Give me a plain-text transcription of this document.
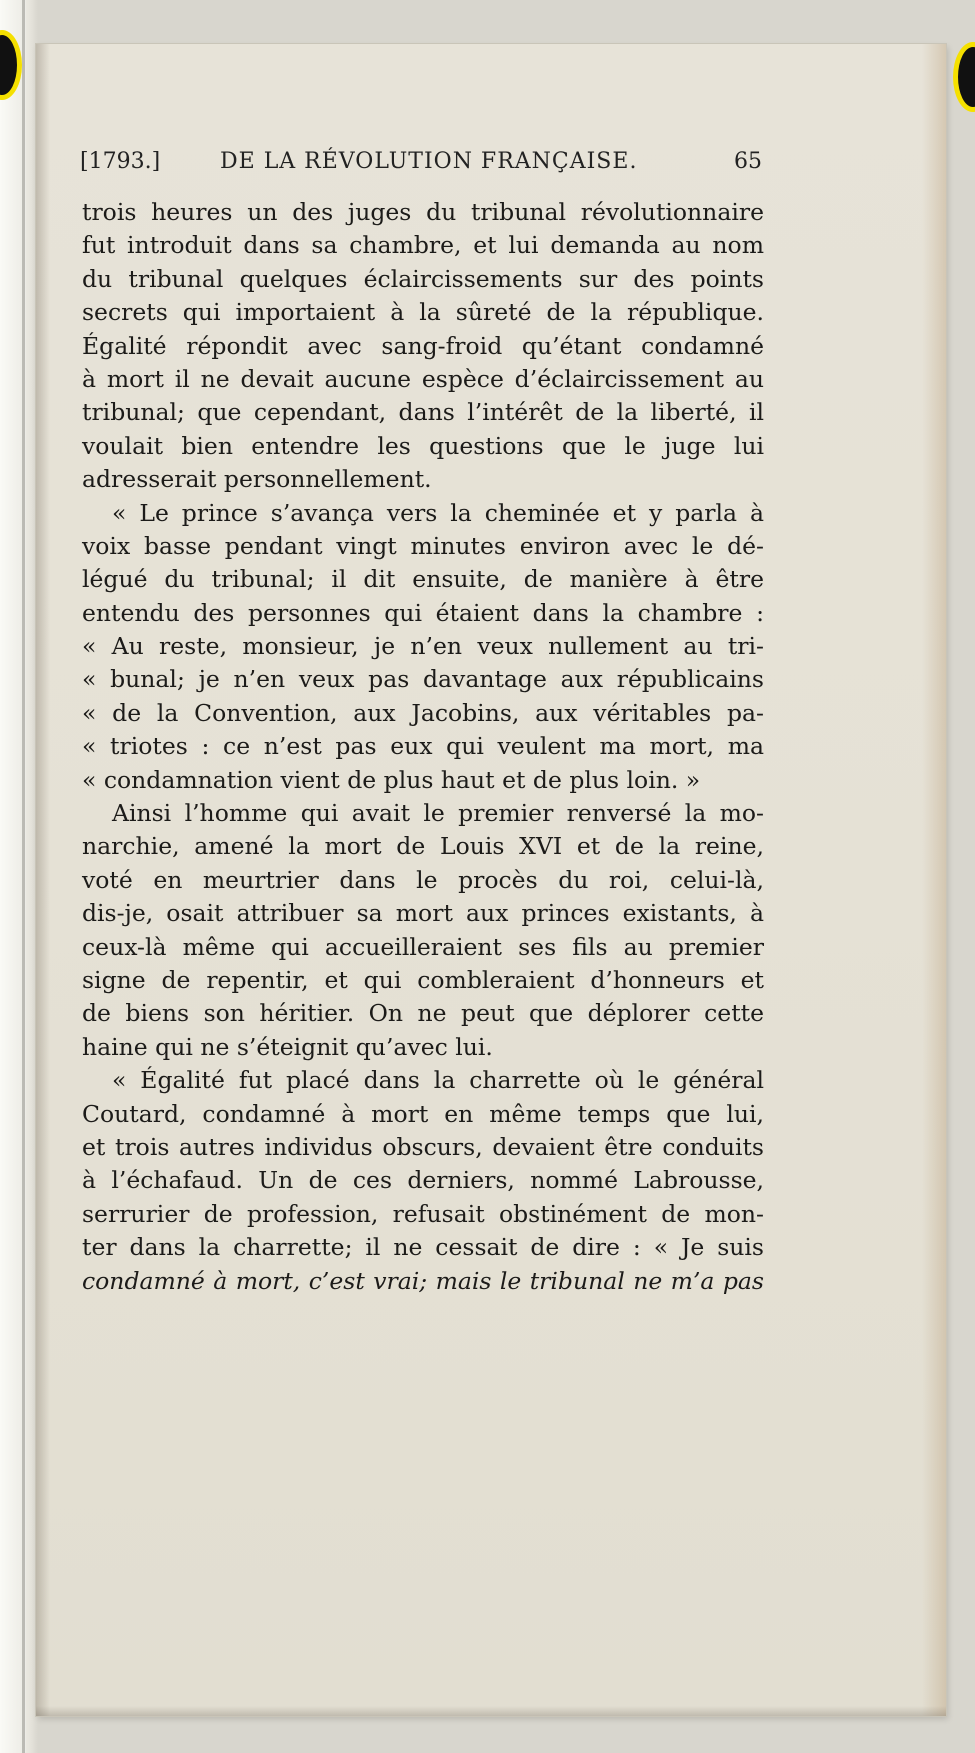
[1793.]	DE LA RÉVOLUTION FRANÇAISE.	65
trois heures un des juges du tribunal révolutionnaire
fut introduit dans sa chambre, et lui demanda au nom
du tribunal quelques éclaircissements sur des points
secrets qui importaient à la sûreté de la république.
Égalité répondit avec sang-froid qu’étant condamné
à mort il ne devait aucune espèce d’éclaircissement au
tribunal; que cependant, dans l’intérêt de la liberté, il
voulait bien entendre les questions que le juge lui
adresserait personnellement.
« Le prince s’avança vers la cheminée et y parla à
voix basse pendant vingt minutes environ avec le dé-
légué du tribunal; il dit ensuite, de manière à être
entendu des personnes qui étaient dans la chambre :
« Au reste, monsieur, je n’en veux nullement au tri-
« bunal; je n’en veux pas davantage aux républicains
« de la Convention, aux Jacobins, aux véritables pa-
« triotes : ce n’est pas eux qui veulent ma mort, ma
« condamnation vient de plus haut et de plus loin. »
Ainsi l’homme qui avait le premier renversé la mo-
narchie, amené la mort de Louis XVI et de la reine,
voté en meurtrier dans le procès du roi, celui-là,
dis-je, osait attribuer sa mort aux princes existants, à
ceux-là même qui accueilleraient ses fils au premier
signe de repentir, et qui combleraient d’honneurs et
de biens son héritier. On ne peut que déplorer cette
haine qui ne s’éteignit qu’avec lui.
« Égalité fut placé dans la charrette où le général
Coutard, condamné à mort en même temps que lui,
et trois autres individus obscurs, devaient être conduits
à l’échafaud. Un de ces derniers, nommé Labrousse,
serrurier de profession, refusait obstinément de mon-
ter dans la charrette; il ne cessait de dire : « Je suis
condamné à mort, c’est vrai; mais le tribunal ne m’a pas
